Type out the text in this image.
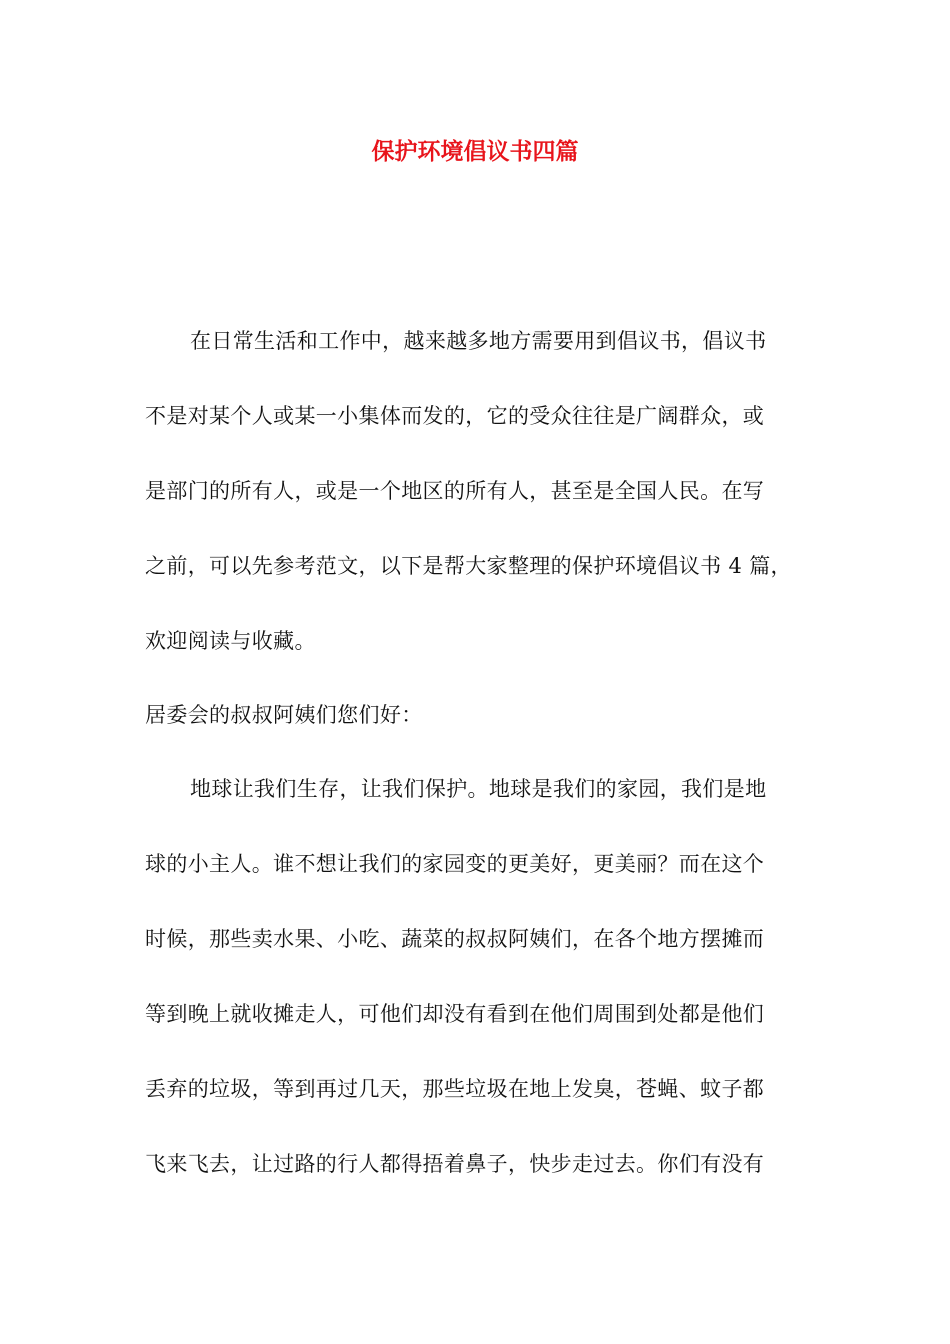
保护环境倡议书四篇
在日常生活和工作中，越来越多地方需要用到倡议书，倡议书
不是对某个人或某一小集体而发的，它的受众往往是广阔群众，或
是部门的所有人，或是一个地区的所有人，甚至是全国人民。在写
之前，可以先参考范文，以下是帮大家整理的保护环境倡议书 4 篇，
欢迎阅读与收藏。
居委会的叔叔阿姨们您们好：
地球让我们生存，让我们保护。地球是我们的家园，我们是地
球的小主人。谁不想让我们的家园变的更美好，更美丽？而在这个
时候，那些卖水果、小吃、蔬菜的叔叔阿姨们，在各个地方摆摊而
等到晚上就收摊走人，可他们却没有看到在他们周围到处都是他们
丢弃的垃圾，等到再过几天，那些垃圾在地上发臭，苍蝇、蚊子都
飞来飞去，让过路的行人都得捂着鼻子，快步走过去。你们有没有
